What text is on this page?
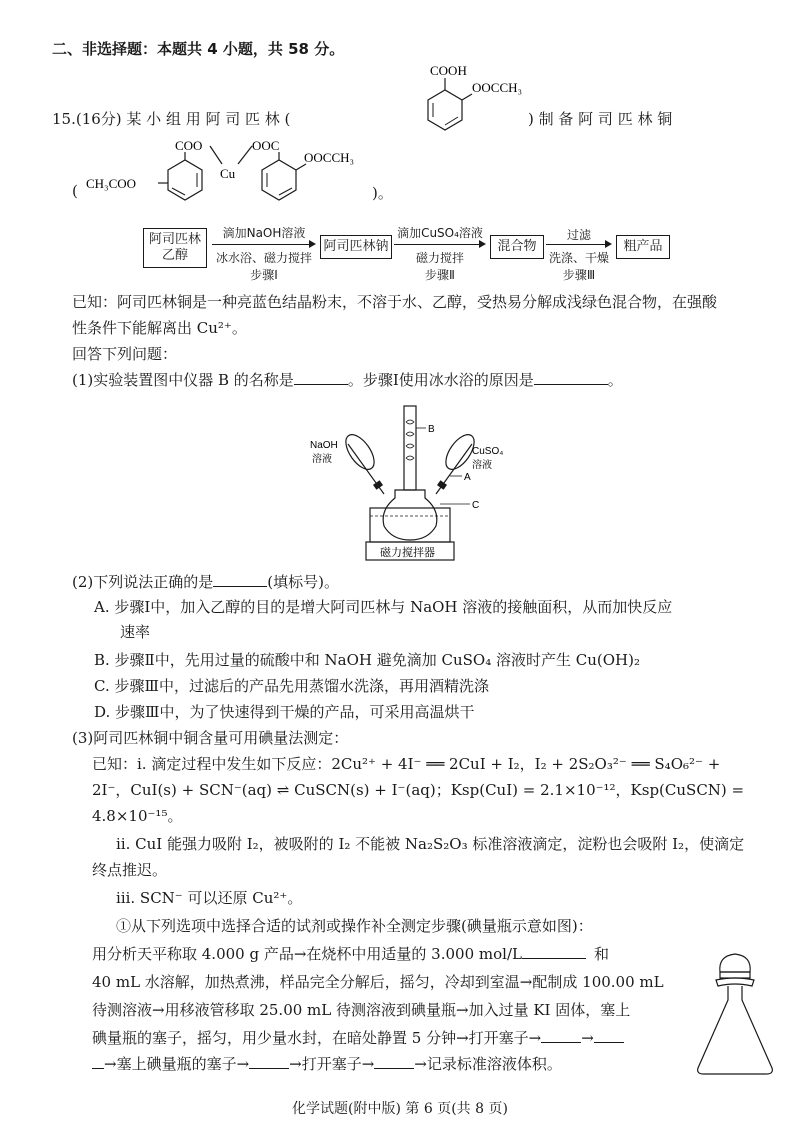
二、非选择题：本题共 4 小题，共 58 分。
15.(16分) 某 小 组 用 阿 司 匹 林 (	) 制 备 阿 司 匹 林 铜
COOH
OOCCH₃
(	)。
COO
CH₃COO
Cu
OOC
OOCCH₃
阿司匹林
乙醇
滴加NaOH溶液
冰水浴、磁力搅拌
步骤Ⅰ
阿司匹林钠
滴加CuSO₄溶液
磁力搅拌
步骤Ⅱ
混合物
过滤
洗涤、干燥
步骤Ⅲ
粗产品
已知：阿司匹林铜是一种亮蓝色结晶粉末，不溶于水、乙醇，受热易分解成浅绿色混合物，在强酸
性条件下能解离出 Cu²⁺。
回答下列问题：
(1)实验装置图中仪器 B 的名称是	。步骤Ⅰ使用冰水浴的原因是	。
NaOH
溶液
CuSO₄
溶液
B
A
C
磁力搅拌器
(2)下列说法正确的是	(填标号)。
A. 步骤Ⅰ中，加入乙醇的目的是增大阿司匹林与 NaOH 溶液的接触面积，从而加快反应
速率
B. 步骤Ⅱ中，先用过量的硫酸中和 NaOH 避免滴加 CuSO₄ 溶液时产生 Cu(OH)₂
C. 步骤Ⅲ中，过滤后的产品先用蒸馏水洗涤，再用酒精洗涤
D. 步骤Ⅲ中，为了快速得到干燥的产品，可采用高温烘干
(3)阿司匹林铜中铜含量可用碘量法测定：
已知：ⅰ. 滴定过程中发生如下反应：2Cu²⁺ + 4I⁻ ══ 2CuI + I₂，I₂ + 2S₂O₃²⁻ ══ S₄O₆²⁻ +
2I⁻，CuI(s) + SCN⁻(aq) ⇌ CuSCN(s) + I⁻(aq)；Ksp(CuI) = 2.1×10⁻¹²，Ksp(CuSCN) =
4.8×10⁻¹⁵。
ⅱ. CuI 能强力吸附 I₂，被吸附的 I₂ 不能被 Na₂S₂O₃ 标准溶液滴定，淀粉也会吸附 I₂，使滴定
终点推迟。
ⅲ. SCN⁻ 可以还原 Cu²⁺。
①从下列选项中选择合适的试剂或操作补全测定步骤(碘量瓶示意如图)：
用分析天平称取 4.000 g 产品→在烧杯中用适量的 3.000 mol/L	和
40 mL 水溶解，加热煮沸，样品完全分解后，摇匀，冷却到室温→配制成 100.00 mL
待测溶液→用移液管移取 25.00 mL 待测溶液到碘量瓶→加入过量 KI 固体，塞上
碘量瓶的塞子，摇匀，用少量水封，在暗处静置 5 分钟→打开塞子→	→
→塞上碘量瓶的塞子→	→打开塞子→	→记录标准溶液体积。
化学试题(附中版) 第 6 页(共 8 页)
